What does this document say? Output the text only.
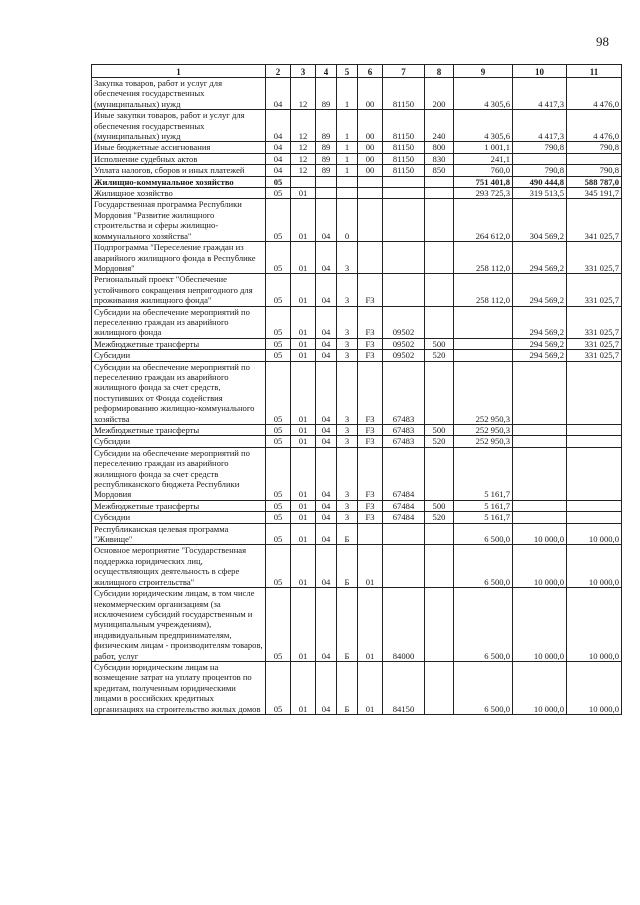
98
1	2	3	4	5	6	7	8	9	10	11
Закупка товаров, работ и услуг для обеспечения государственных (муниципальных) нужд	04	12	89	1	00	81150	200	4 305,6	4 417,3	4 476,0
Иные закупки товаров, работ и услуг для обеспечения государственных (муниципальных) нужд	04	12	89	1	00	81150	240	4 305,6	4 417,3	4 476,0
Иные бюджетные ассигнования	04	12	89	1	00	81150	800	1 001,1	790,8	790,8
Исполнение судебных актов	04	12	89	1	00	81150	830	241,1		
Уплата налогов, сборов и иных платежей	04	12	89	1	00	81150	850	760,0	790,8	790,8
Жилищно-коммунальное хозяйство	05							751 401,8	490 444,8	588 787,0
Жилищное хозяйство	05	01						293 725,3	319 513,5	345 191,7
Государственная программа Республики Мордовия "Развитие жилищного строительства и сферы жилищно-коммунального хозяйства"	05	01	04	0				264 612,0	304 569,2	341 025,7
Подпрограмма "Переселение граждан из аварийного жилищного фонда в Республике Мордовия"	05	01	04	3				258 112,0	294 569,2	331 025,7
Региональный проект "Обеспечение устойчивого сокращения непригодного для проживания жилищного фонда"	05	01	04	3	F3			258 112,0	294 569,2	331 025,7
Субсидии на обеспечение мероприятий по переселению граждан из аварийного жилищного фонда	05	01	04	3	F3	09502			294 569,2	331 025,7
Межбюджетные трансферты	05	01	04	3	F3	09502	500		294 569,2	331 025,7
Субсидии	05	01	04	3	F3	09502	520		294 569,2	331 025,7
Субсидии на обеспечение мероприятий по переселению граждан из аварийного жилищного фонда за счет средств, поступивших от Фонда содействия реформированию жилищно-коммунального хозяйства	05	01	04	3	F3	67483		252 950,3		
Межбюджетные трансферты	05	01	04	3	F3	67483	500	252 950,3		
Субсидии	05	01	04	3	F3	67483	520	252 950,3		
Субсидии на обеспечение мероприятий по переселению граждан из аварийного жилищного фонда за счет средств республиканского бюджета Республики Мордовия	05	01	04	3	F3	67484		5 161,7		
Межбюджетные трансферты	05	01	04	3	F3	67484	500	5 161,7		
Субсидии	05	01	04	3	F3	67484	520	5 161,7		
Республиканская целевая программа "Живище"	05	01	04	Б				6 500,0	10 000,0	10 000,0
Основное мероприятие "Государственная поддержка юридических лиц, осуществляющих деятельность в сфере жилищного строительства"	05	01	04	Б	01			6 500,0	10 000,0	10 000,0
Субсидии юридическим лицам, в том числе некоммерческим организациям (за исключением субсидий государственным и муниципальным учреждениям), индивидуальным предпринимателям, физическим лицам - производителям товаров, работ, услуг	05	01	04	Б	01	84000		6 500,0	10 000,0	10 000,0
Субсидии юридическим лицам на возмещение затрат на уплату процентов по кредитам, полученным юридическими лицами в российских кредитных организациях на строительство жилых домов	05	01	04	Б	01	84150		6 500,0	10 000,0	10 000,0
